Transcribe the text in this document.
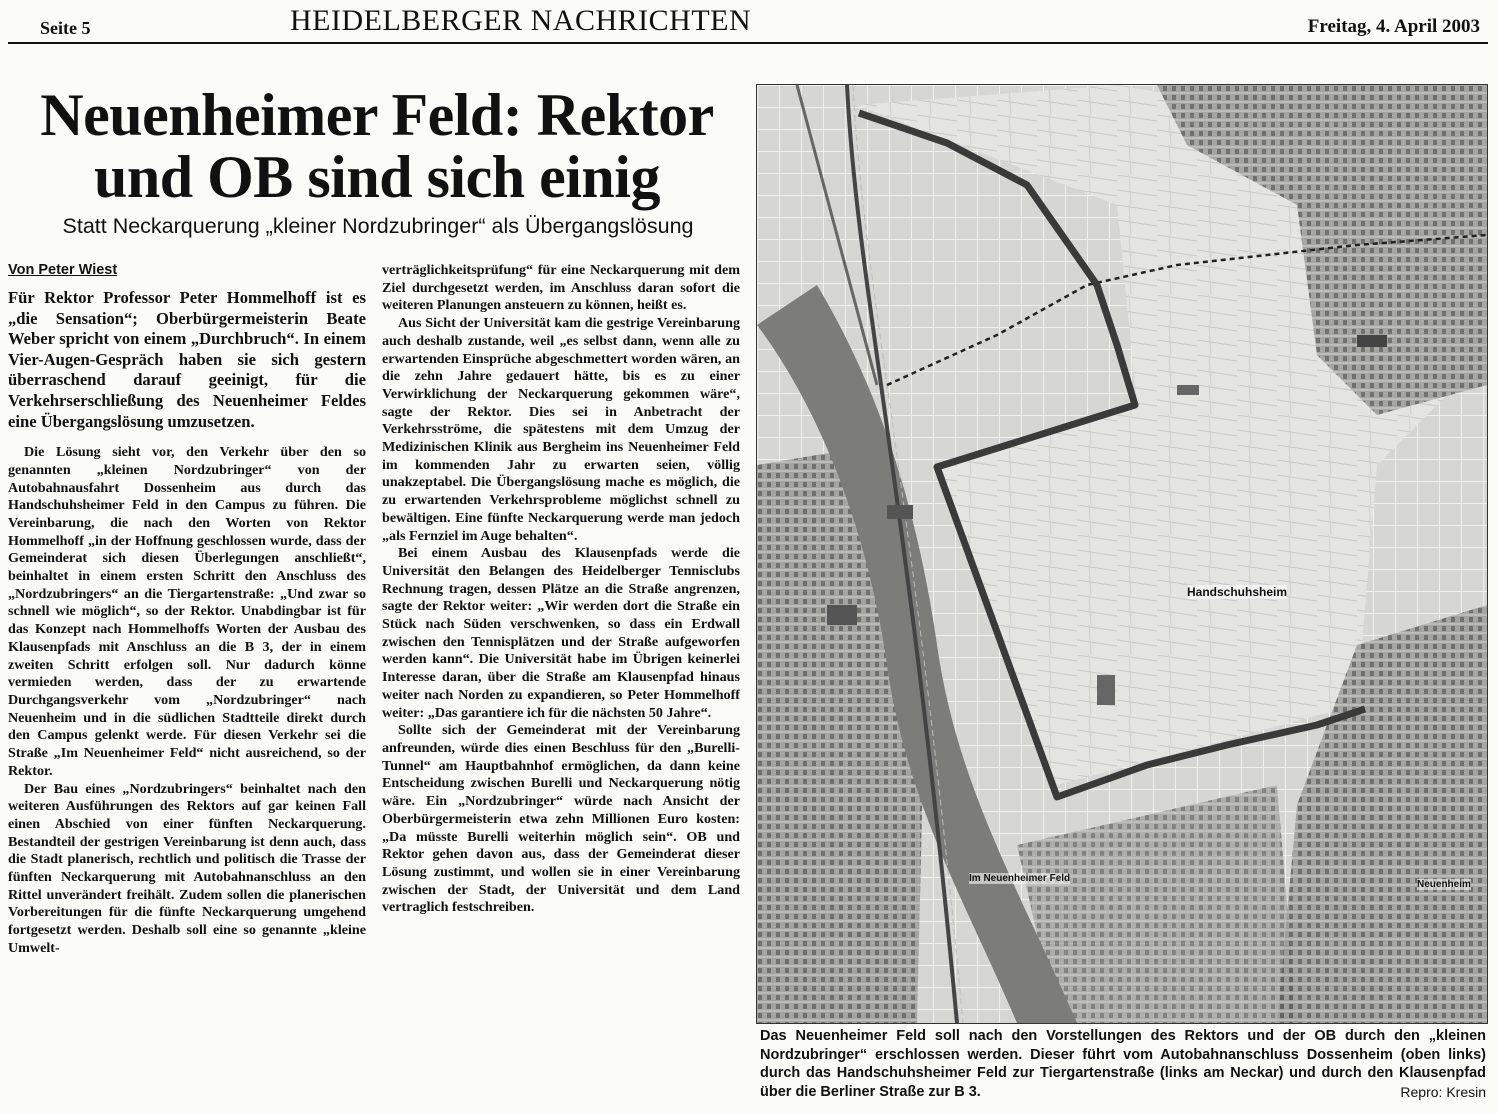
Seite 5	HEIDELBERGER NACHRICHTEN	Freitag, 4. April 2003
Neuenheimer Feld: Rektor
und OB sind sich einig
Statt Neckarquerung „kleiner Nordzubringer“ als Übergangslösung
Von Peter Wiest

Für Rektor Professor Peter Hommelhoff ist es „die Sensation“; Oberbürgermeisterin Beate Weber spricht von einem „Durchbruch“. In einem Vier-Augen-Gespräch haben sie sich gestern überraschend darauf geeinigt, für die Verkehrserschließung des Neuenheimer Feldes eine Übergangslösung umzusetzen.

Die Lösung sieht vor, den Verkehr über den so genannten „kleinen Nordzubringer“ von der Autobahnausfahrt Dossenheim aus durch das Handschuhsheimer Feld in den Campus zu führen. Die Vereinbarung, die nach den Worten von Rektor Hommelhoff „in der Hoffnung geschlossen wurde, dass der Gemeinderat sich diesen Überlegungen anschließt“, beinhaltet in einem ersten Schritt den Anschluss des „Nordzubringers“ an die Tiergartenstraße: „Und zwar so schnell wie möglich“, so der Rektor. Unabdingbar ist für das Konzept nach Hommelhoffs Worten der Ausbau des Klausenpfads mit Anschluss an die B 3, der in einem zweiten Schritt erfolgen soll. Nur dadurch könne vermieden werden, dass der zu erwartende Durchgangsverkehr vom „Nordzubringer“ nach Neuenheim und in die südlichen Stadtteile direkt durch den Campus gelenkt werde. Für diesen Verkehr sei die Straße „Im Neuenheimer Feld“ nicht ausreichend, so der Rektor.

Der Bau eines „Nordzubringers“ beinhaltet nach den weiteren Ausführungen des Rektors auf gar keinen Fall einen Abschied von einer fünften Neckarquerung. Bestandteil der gestrigen Vereinbarung ist denn auch, dass die Stadt planerisch, rechtlich und politisch die Trasse der fünften Neckarquerung mit Autobahnanschluss an den Rittel unverändert freihält. Zudem sollen die planerischen Vorbereitungen für die fünfte Neckarquerung umgehend fortgesetzt werden. Deshalb soll eine so genannte „kleine Umwelt-

verträglichkeitsprüfung“ für eine Neckarquerung mit dem Ziel durchgesetzt werden, im Anschluss daran sofort die weiteren Planungen ansteuern zu können, heißt es.

Aus Sicht der Universität kam die gestrige Vereinbarung auch deshalb zustande, weil „es selbst dann, wenn alle zu erwartenden Einsprüche abgeschmettert worden wären, an die zehn Jahre gedauert hätte, bis es zu einer Verwirklichung der Neckarquerung gekommen wäre“, sagte der Rektor. Dies sei in Anbetracht der Verkehrsströme, die spätestens mit dem Umzug der Medizinischen Klinik aus Bergheim ins Neuenheimer Feld im kommenden Jahr zu erwarten seien, völlig unakzeptabel. Die Übergangslösung mache es möglich, die zu erwartenden Verkehrsprobleme möglichst schnell zu bewältigen. Eine fünfte Neckarquerung werde man jedoch „als Fernziel im Auge behalten“.

Bei einem Ausbau des Klausenpfads werde die Universität den Belangen des Heidelberger Tennisclubs Rechnung tragen, dessen Plätze an die Straße angrenzen, sagte der Rektor weiter: „Wir werden dort die Straße ein Stück nach Süden verschwenken, so dass ein Erdwall zwischen den Tennisplätzen und der Straße aufgeworfen werden kann“. Die Universität habe im Übrigen keinerlei Interesse daran, über die Straße am Klausenpfad hinaus weiter nach Norden zu expandieren, so Peter Hommelhoff weiter: „Das garantiere ich für die nächsten 50 Jahre“.

Sollte sich der Gemeinderat mit der Vereinbarung anfreunden, würde dies einen Beschluss für den „Burelli-Tunnel“ am Hauptbahnhof ermöglichen, da dann keine Entscheidung zwischen Burelli und Neckarquerung nötig wäre. Ein „Nordzubringer“ würde nach Ansicht der Oberbürgermeisterin etwa zehn Millionen Euro kosten: „Da müsste Burelli weiterhin möglich sein“. OB und Rektor gehen davon aus, dass der Gemeinderat dieser Lösung zustimmt, und wollen sie in einer Vereinbarung zwischen der Stadt, der Universität und dem Land vertraglich festschreiben.

Handschuhsheim
Im Neuenheimer Feld
Neuenheim
Das Neuenheimer Feld soll nach den Vorstellungen des Rektors und der OB durch den „kleinen Nordzubringer“ erschlossen werden. Dieser führt vom Autobahnanschluss Dossenheim (oben links) durch das Handschuhsheimer Feld zur Tiergartenstraße (links am Neckar) und durch den Klausenpfad über die Berliner Straße zur B 3.	Repro: Kresin
